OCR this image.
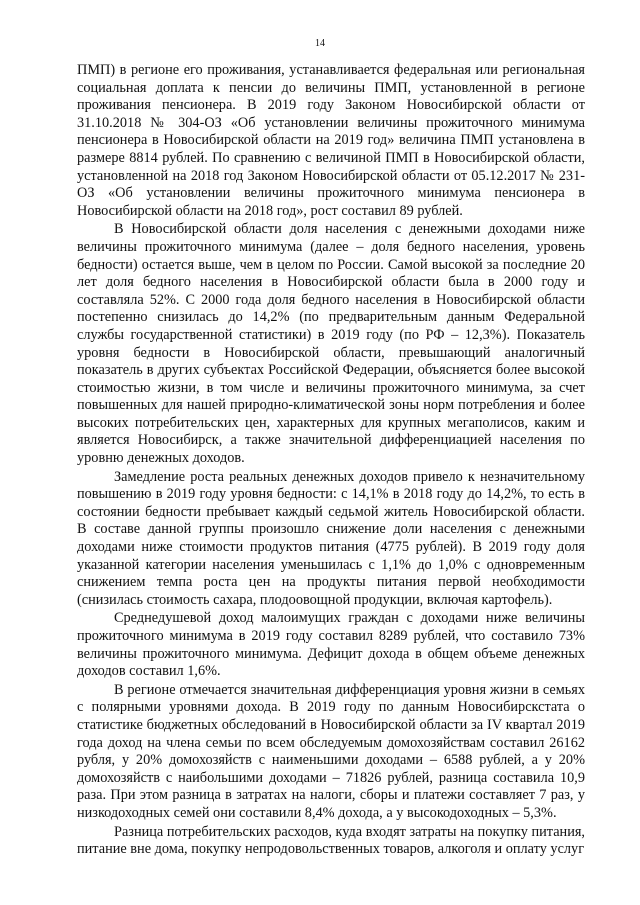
14

ПМП) в регионе его проживания, устанавливается федеральная или региональная социальная доплата к пенсии до величины ПМП, установленной в регионе проживания пенсионера. В 2019 году Законом Новосибирской области от 31.10.2018 № 304-ОЗ «Об установлении величины прожиточного минимума пенсионера в Новосибирской области на 2019 год» величина ПМП установлена в размере 8814 рублей. По сравнению с величиной ПМП в Новосибирской области, установленной на 2018 год Законом Новосибирской области от 05.12.2017 № 231-ОЗ «Об установлении величины прожиточного минимума пенсионера в Новосибирской области на 2018 год», рост составил 89 рублей.

В Новосибирской области доля населения с денежными доходами ниже величины прожиточного минимума (далее – доля бедного населения, уровень бедности) остается выше, чем в целом по России. Самой высокой за последние 20 лет доля бедного населения в Новосибирской области была в 2000 году и составляла 52%. С 2000 года доля бедного населения в Новосибирской области постепенно снизилась до 14,2% (по предварительным данным Федеральной службы государственной статистики) в 2019 году (по РФ – 12,3%). Показатель уровня бедности в Новосибирской области, превышающий аналогичный показатель в других субъектах Российской Федерации, объясняется более высокой стоимостью жизни, в том числе и величины прожиточного минимума, за счет повышенных для нашей природно-климатической зоны норм потребления и более высоких потребительских цен, характерных для крупных мегаполисов, каким и является Новосибирск, а также значительной дифференциацией населения по уровню денежных доходов.

Замедление роста реальных денежных доходов привело к незначительному повышению в 2019 году уровня бедности: с 14,1% в 2018 году до 14,2%, то есть в состоянии бедности пребывает каждый седьмой житель Новосибирской области. В составе данной группы произошло снижение доли населения с денежными доходами ниже стоимости продуктов питания (4775 рублей). В 2019 году доля указанной категории населения уменьшилась с 1,1% до 1,0% с одновременным снижением темпа роста цен на продукты питания первой необходимости (снизилась стоимость сахара, плодоовощной продукции, включая картофель).

Среднедушевой доход малоимущих граждан с доходами ниже величины прожиточного минимума в 2019 году составил 8289 рублей, что составило 73% величины прожиточного минимума. Дефицит дохода в общем объеме денежных доходов составил 1,6%.

В регионе отмечается значительная дифференциация уровня жизни в семьях с полярными уровнями дохода. В 2019 году по данным Новосибирскстата о статистике бюджетных обследований в Новосибирской области за IV квартал 2019 года доход на члена семьи по всем обследуемым домохозяйствам составил 26162 рубля, у 20% домохозяйств с наименьшими доходами – 6588 рублей, а у 20% домохозяйств с наибольшими доходами – 71826 рублей, разница составила 10,9 раза. При этом разница в затратах на налоги, сборы и платежи составляет 7 раз, у низкодоходных семей они составили 8,4% дохода, а у высокодоходных – 5,3%.

Разница потребительских расходов, куда входят затраты на покупку питания, питание вне дома, покупку непродовольственных товаров, алкоголя и оплату услуг
